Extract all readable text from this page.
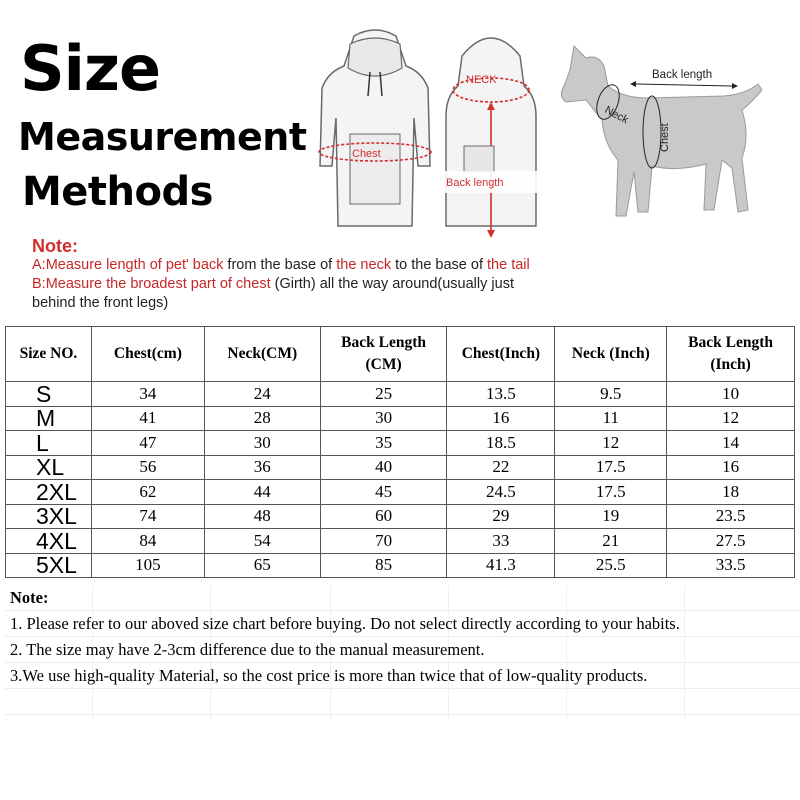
Size
Measurement
Methods
Chest
NECK
Back length
Back length
Neck
Chest
Note:
A:Measure length of pet' back from the base of the neck to the base of the tail
B:Measure the broadest part of chest (Girth) all the way around(usually just
behind the front legs)
Size NO.	Chest(cm)	Neck(CM)	Back Length (CM)	Chest(Inch)	Neck (Inch)	Back Length (Inch)
S	34	24	25	13.5	9.5	10
M	41	28	30	16	11	12
L	47	30	35	18.5	12	14
XL	56	36	40	22	17.5	16
2XL	62	44	45	24.5	17.5	18
3XL	74	48	60	29	19	23.5
4XL	84	54	70	33	21	27.5
5XL	105	65	85	41.3	25.5	33.5
Note:
1. Please refer to our aboved size chart before buying. Do not select directly according to your habits.
2. The size may have 2-3cm difference due to the manual measurement.
3.We use high-quality Material, so the cost price is more than twice that of low-quality products.
